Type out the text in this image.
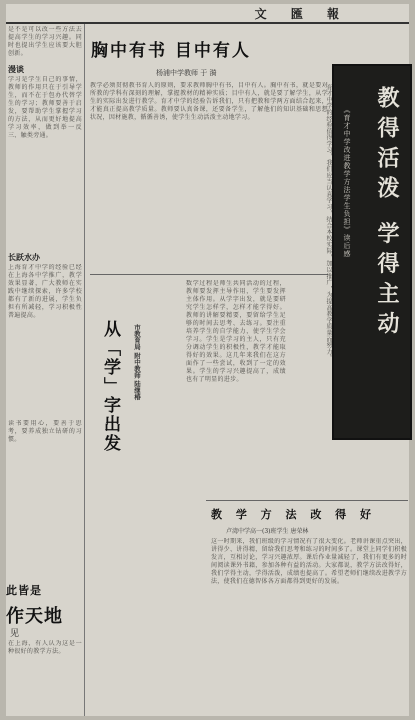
文 匯 報
是不是可以改一些方法去提高学生的学习兴趣。同时也提出学生应该要大胆创新。
漫谈
学习是学生自己的事情，教师的作用只在于引导学生，而不在于包办代替学生的学习；教师要善于启发，要帮助学生掌握学习的方法，从而更好地提高学习效率，做到举一反三、触类旁通。
长跃水办
上海育才中学的经验已经在上海各中学推广，教学效果显著，广大教师在实践中继续探索，许多学校都有了新的进展，学生负担有所减轻，学习积极性普遍提高。
读书要用心，要善于思考，要养成独立钻研的习惯。
此皆是
作天地
见
在上海，有人认为这是一种很好的教学方法。
胸中有书 目中有人
杨浦中学教师 于 漪
教学必须贯彻教书育人的原则，要求教师胸中有书，目中有人。胸中有书，就是要对所教的学科有深刻的理解，掌握教材的精神实质；目中有人，就是要了解学生，从学生的实际出发进行教学。育才中学的经验告诉我们，只有把教和学两方面结合起来，才能真正提高教学质量。教师要认真备课，还要备学生，了解他们的知识基础和思想状况，因材施教，循循善诱，使学生生动活泼主动地学习。
数学过程是师生共同活动的过程，教师要发挥主导作用，学生要发挥主体作用。从学字出发，就是要研究学生怎样学，怎样才能学得好。教师的讲解要精要，要留给学生足够的时间去思考、去练习。要注重培养学生的自学能力，使学生学会学习。学生是学习的主人，只有充分调动学生的积极性，教学才能取得好的效果。这几年来我们在这方面作了一些尝试，收到了一定的效果。学生的学习兴趣提高了，成绩也有了明显的进步。
从「学」字出发	市教育局 附中教师 陆继椿
教得活泼 学得主动
《育才中学改进教学方法学生负担》读后感
育才中学的经验值得学习，我们应当认真学习，结合本校实际，加以推广，为提高教学质量而努力。
教 学 方 法 改 得 好
卢湾中学高一(3)班学生 唐荣林
这一时期来，我们班级的学习情况有了很大变化。老师讲课重点突出，讲得少、讲得精，留给我们思考和练习的时间多了。课堂上同学们积极发言，互相讨论，学习兴趣浓厚。课后作业量减轻了，我们有更多的时间阅读课外书籍，参加各种有益的活动。大家都说，教学方法改得好，我们学得主动，学得活泼，成绩也提高了。希望老师们继续改进教学方法，使我们在德智体各方面都得到更好的发展。
